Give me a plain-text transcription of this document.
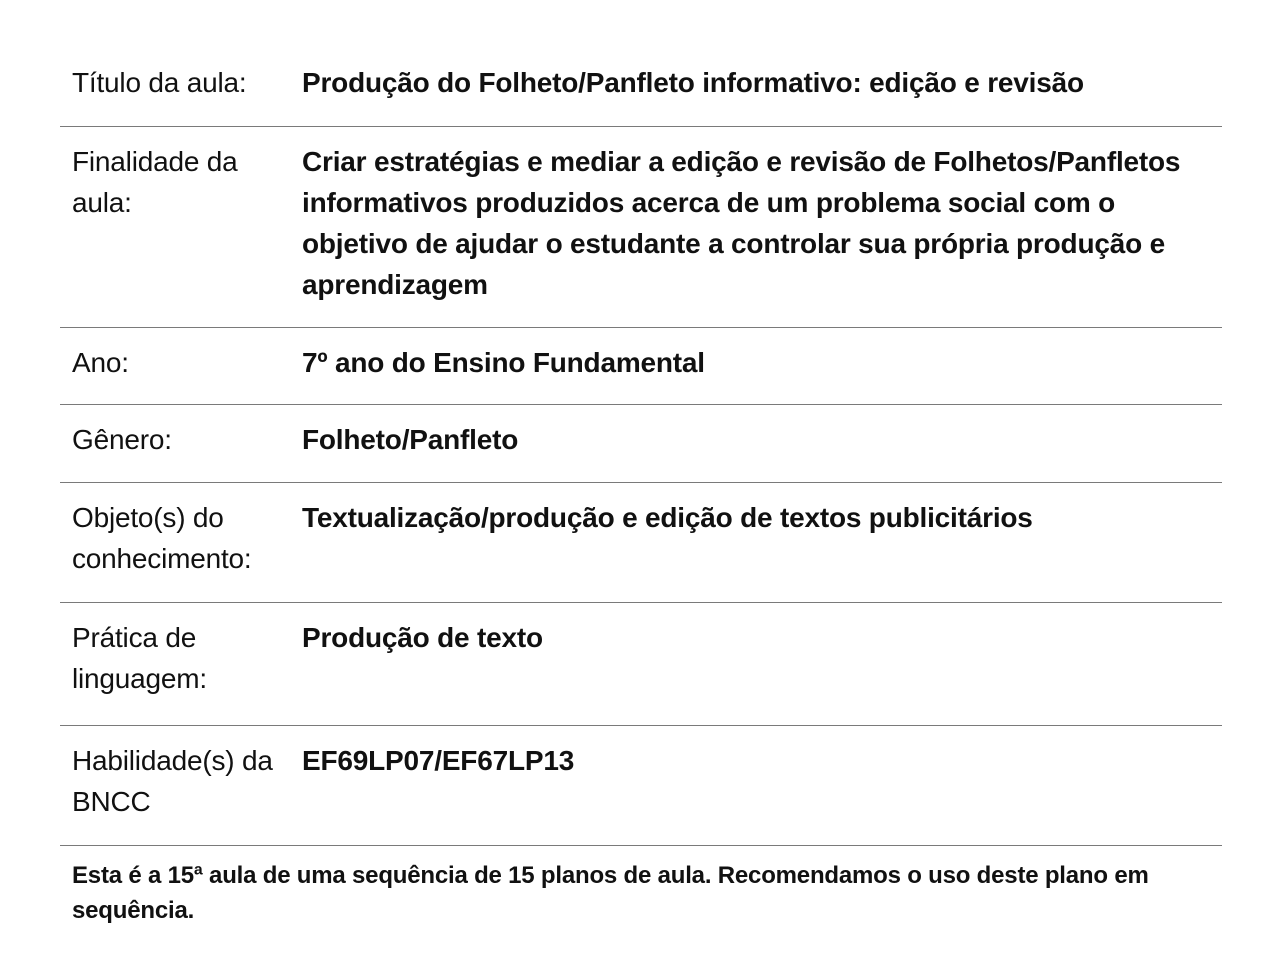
Título da aula:	Produção do Folheto/Panfleto informativo: edição e revisão
Finalidade da aula:
Criar estratégias e mediar a edição e revisão de Folhetos/Panfletos informativos produzidos acerca de um problema social com o objetivo de ajudar o estudante a controlar sua própria produção e aprendizagem
Ano:	7º ano do Ensino Fundamental
Gênero:	Folheto/Panfleto
Objeto(s) do conhecimento:
Textualização/produção e edição de textos publicitários
Prática de linguagem:
Produção de texto
Habilidade(s) da BNCC
EF69LP07/EF67LP13
Esta é a 15ª aula de uma sequência de 15 planos de aula. Recomendamos o uso deste plano em sequência.
